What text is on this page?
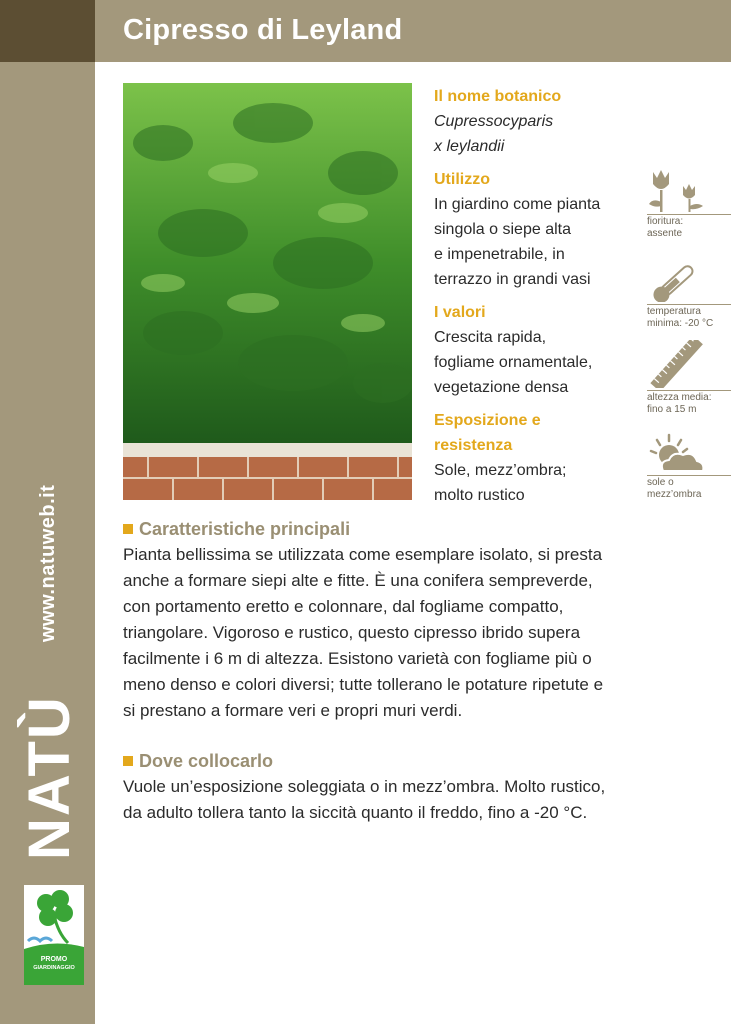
Cipresso di Leyland
NATÙ
www.natuweb.it
PROMO
GIARDINAGGIO
Il nome botanico

Cupressocyparis
x leylandii

Utilizzo

In giardino come pianta
singola o siepe alta
e impenetrabile, in
terrazzo in grandi vasi

I valori

Crescita rapida,
fogliame ornamentale,
vegetazione densa

Esposizione e
resistenza

Sole, mezz’ombra;
molto rustico

fioritura:
assente
temperatura
minima: -20 °C
altezza media:
fino a 15 m
sole o
mezz’ombra
Caratteristiche principali
Pianta bellissima se utilizzata come esemplare isolato, si presta
anche a formare siepi alte e fitte. È una conifera sempreverde,
con portamento eretto e colonnare, dal fogliame compatto,
triangolare. Vigoroso e rustico, questo cipresso ibrido supera
facilmente i 6 m di altezza. Esistono varietà con fogliame più o
meno denso e colori diversi; tutte tollerano le potature ripetute e
si prestano a formare veri e propri muri verdi.
Dove collocarlo
Vuole un’esposizione soleggiata o in mezz’ombra. Molto rustico,
da adulto tollera tanto la siccità quanto il freddo, fino a -20 °C.
